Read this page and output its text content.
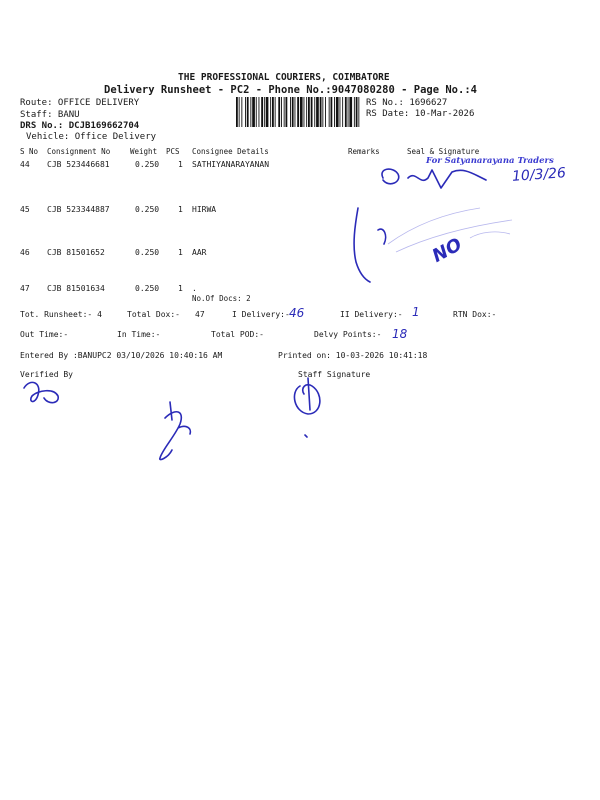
THE PROFESSIONAL COURIERS, COIMBATORE
Delivery Runsheet - PC2 - Phone No.:9047080280 - Page No.:4
Route: OFFICE DELIVERY
Staff: BANU
DRS No.: DCJB169662704
Vehicle: Office Delivery
RS No.: 1696627
RS Date: 10-Mar-2026
S No Consignment No	Weight PCS Consignee Details	Remarks	Seal & Signature
44 CJB 523446681	0.250 1 SATHIYANARAYANAN
45 CJB 523344887	0.250 1 HIRWA
46 CJB 81501652	0.250 1 AAR
47 CJB 81501634	0.250 1 .
No.Of Docs: 2
Tot. Runsheet:- 4	Total Dox:- 47	I Delivery:-	II Delivery:-	RTN Dox:-
Out Time:-	In Time:-	Total POD:-	Delvy Points:-
Entered By :BANUPC2 03/10/2026 10:40:16 AM	Printed on: 10-03-2026 10:41:18
Verified By	Staff Signature
For Satyanarayana Traders
46	1
18
10/3/26
NO
